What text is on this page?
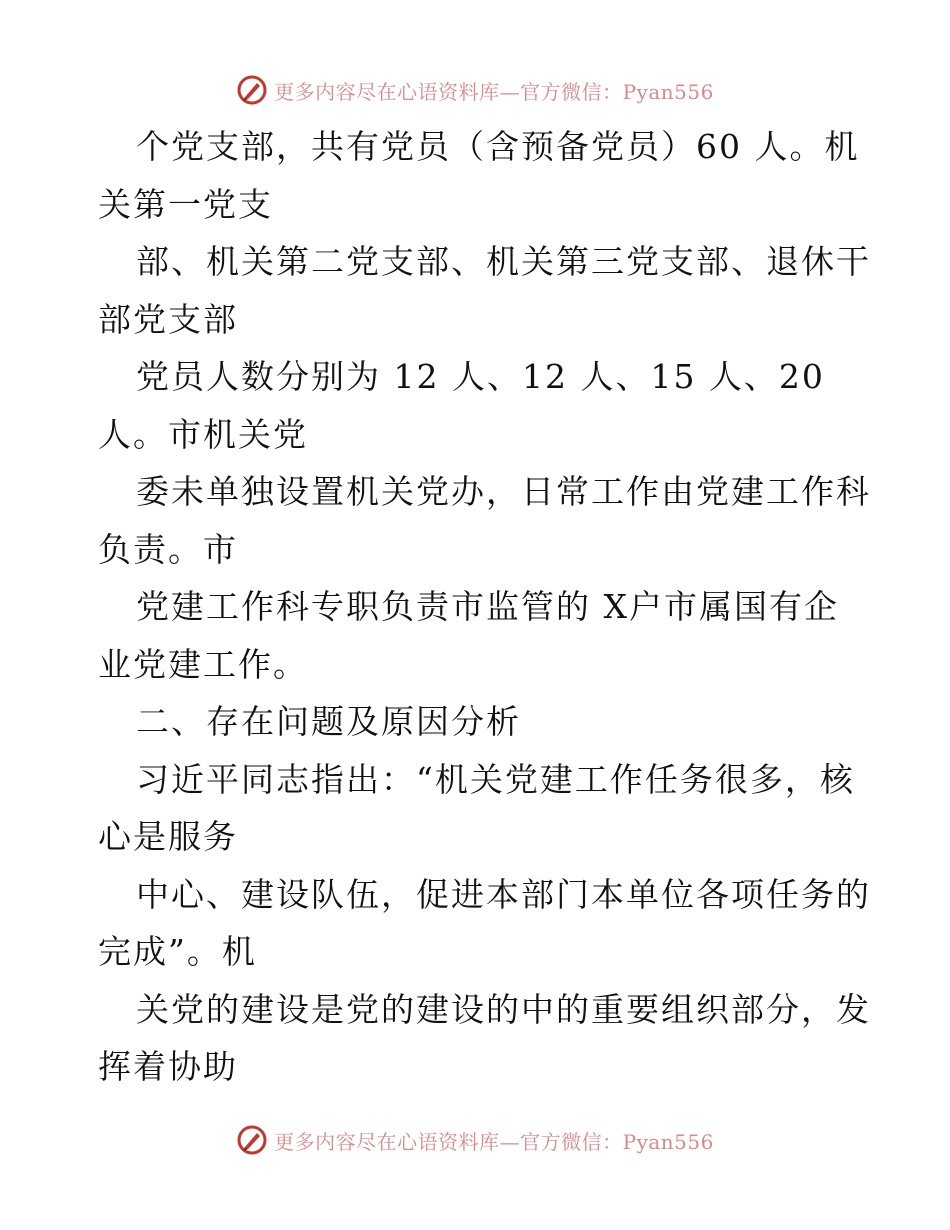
更多内容尽在心语资料库—官方微信：Pyan556
个党支部，共有党员（含预备党员）60 人。机
关第一党支
部、机关第二党支部、机关第三党支部、退休干
部党支部
党员人数分别为 12 人、12 人、15 人、20
人。市机关党
委未单独设置机关党办，日常工作由党建工作科
负责。市
党建工作科专职负责市监管的 X户市属国有企
业党建工作。
二、存在问题及原因分析
习近平同志指出：“机关党建工作任务很多，核
心是服务
中心、建设队伍，促进本部门本单位各项任务的
完成”。机
关党的建设是党的建设的中的重要组织部分，发
挥着协助
更多内容尽在心语资料库—官方微信：Pyan556
